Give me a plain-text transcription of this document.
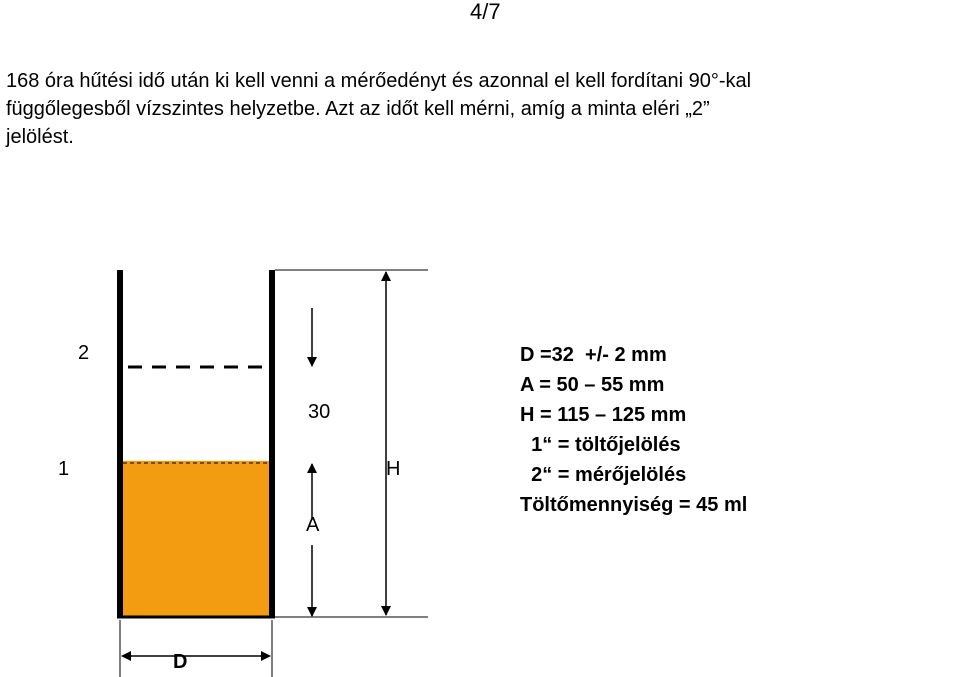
4/7
168 óra hűtési idő után ki kell venni a mérőedényt és azonnal el kell fordítani 90°-kal
függőlegesből vízszintes helyzetbe. Azt az időt kell mérni, amíg a minta eléri „2”
jelölést.
2
1
30
A
H
D
D =32  +/- 2 mm
A = 50 – 55 mm
H = 115 – 125 mm
1“ = töltőjelölés
2“ = mérőjelölés
Töltőmennyiség = 45 ml
